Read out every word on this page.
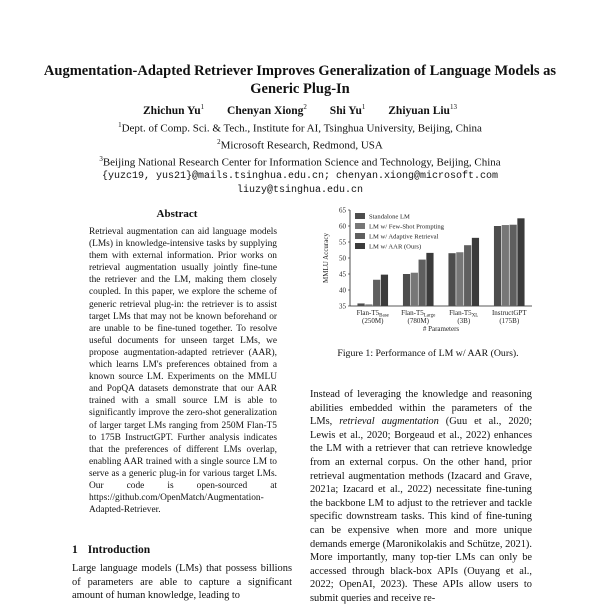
Augmentation-Adapted Retriever Improves Generalization of Language Models as Generic Plug-In
Zhichun Yu$^1$ Chenyan Xiong$^2$ Shi Yu$^1$ Zhiyuan Liu$^{13}$
$^1$Dept. of Comp. Sci. & Tech., Institute for AI, Tsinghua University, Beijing, China
$^2$Microsoft Research, Redmond, USA
$^3$Beijing National Research Center for Information Science and Technology, Beijing, China
{yuzc19, yus21}@mails.tsinghua.edu.cn; chenyan.xiong@microsoft.com
liuzy@tsinghua.edu.cn
Abstract

Retrieval augmentation can aid language models (LMs) in knowledge-intensive tasks by supplying them with external information. Prior works on retrieval augmentation usually jointly fine-tune the retriever and the LM, making them closely coupled. In this paper, we explore the scheme of generic retrieval plug-in: the retriever is to assist target LMs that may not be known beforehand or are unable to be fine-tuned together. To resolve useful documents for unseen target LMs, we propose augmentation-adapted retriever (AAR), which learns LM's preferences obtained from a known source LM. Experiments on the MMLU and PopQA datasets demonstrate that our AAR trained with a small source LM is able to significantly improve the zero-shot generalization of larger target LMs ranging from 250M Flan-T5 to 175B InstructGPT. Further analysis indicates that the preferences of different LMs overlap, enabling AAR trained with a single source LM to serve as a generic plug-in for various target LMs. Our code is open-sourced at https://github.com/OpenMatch/Augmentation-Adapted-Retriever.

1 Introduction

Large language models (LMs) that possess billions of parameters are able to capture a significant amount of human knowledge, leading to

35
40
45
50
55
60
65
MMLU Accuracy
Flan-$T5_{Base}$
(250M)
Flan-$T5_{Large}$
(780M)
Flan-$T5_{XL}$
(3B)
InstructGPT
(175B)
# Parameters
Standalone LM
LM w/ Few-Shot Prompting
LM w/ Adaptive Retrieval
LM w/ AAR (Ours)
Figure 1: Performance of LM w/ AAR (Ours).

Instead of leveraging the knowledge and reasoning abilities embedded within the parameters of the LMs, retrieval augmentation (Guu et al., 2020; Lewis et al., 2020; Borgeaud et al., 2022) enhances the LM with a retriever that can retrieve knowledge from an external corpus. On the other hand, prior retrieval augmentation methods (Izacard and Grave, 2021a; Izacard et al., 2022) necessitate fine-tuning the backbone LM to adjust to the retriever and tackle specific downstream tasks. This kind of fine-tuning can be expensive when more and more unique demands emerge (Maronikolakis and Schütze, 2021). More importantly, many top-tier LMs can only be accessed through black-box APIs (Ouyang et al., 2022; OpenAI, 2023). These APIs allow users to submit queries and receive re-
